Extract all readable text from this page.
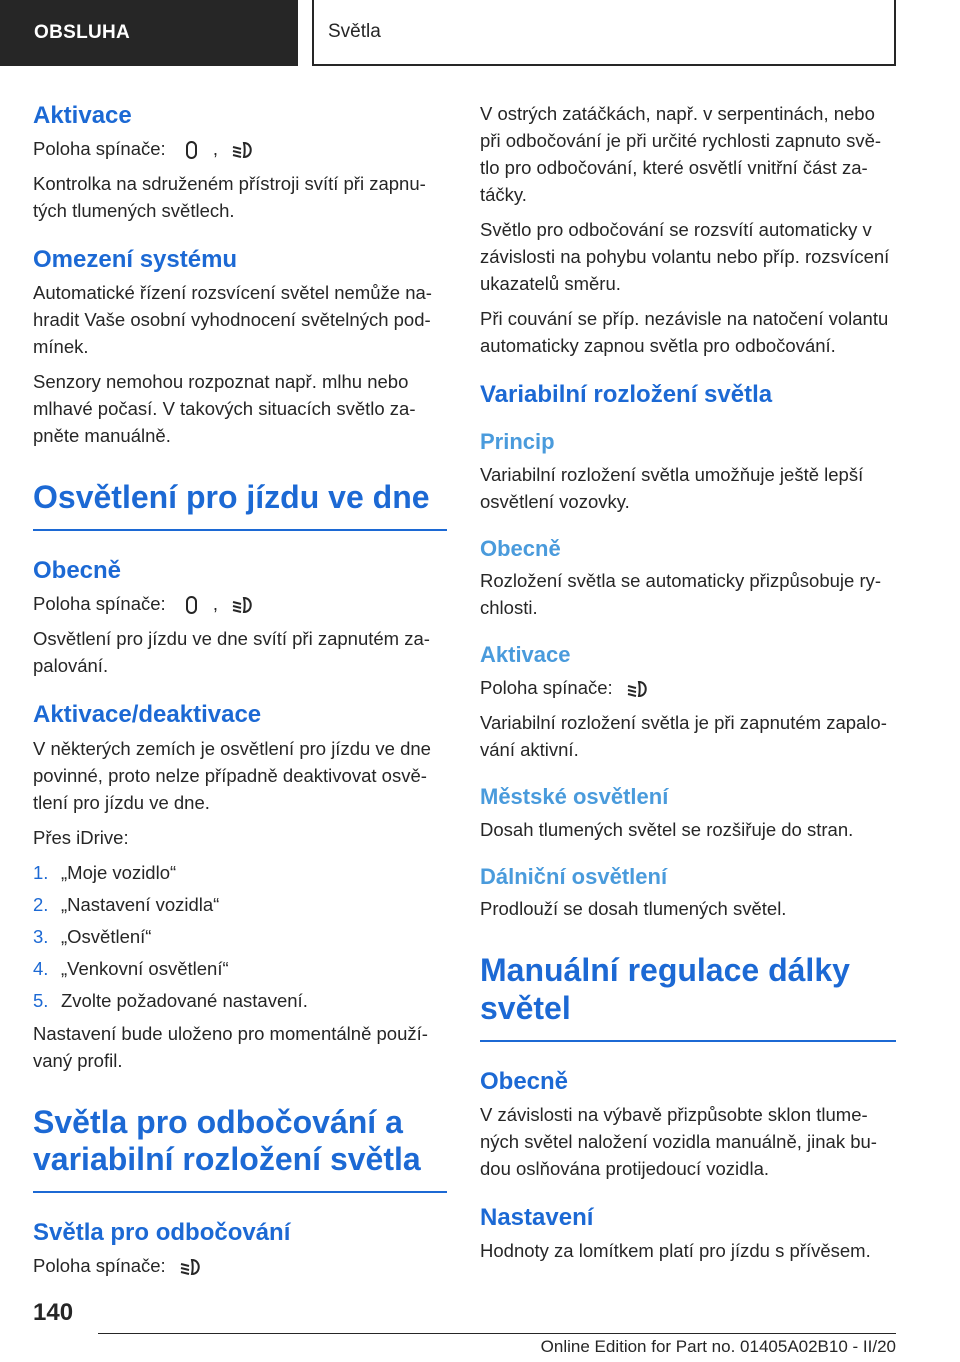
OBSLUHA	Světla
Aktivace

Poloha spínače:	,

Kontrolka na sdruženém přístroji svítí při zapnu-tých tlumených světlech.

Omezení systému

Automatické řízení rozsvícení světel nemůže na-hradit Vaše osobní vyhodnocení světelných pod-mínek.

Senzory nemohou rozpoznat např. mlhu nebo mlhavé počasí. V takových situacích světlo za-pněte manuálně.

Osvětlení pro jízdu ve dne
Obecně

Poloha spínače:	,

Osvětlení pro jízdu ve dne svítí při zapnutém za-palování.

Aktivace/deaktivace

V některých zemích je osvětlení pro jízdu ve dne povinné, proto nelze případně deaktivovat osvě-tlení pro jízdu ve dne.

Přes iDrive:

1. „Moje vozidlo“
2. „Nastavení vozidla“
3. „Osvětlení“
4. „Venkovní osvětlení“
5. Zvolte požadované nastavení.

Nastavení bude uloženo pro momentálně použí-vaný profil.

Světla pro odbočování a variabilní rozložení světla
Světla pro odbočování

Poloha spínače:

V ostrých zatáčkách, např. v serpentinách, nebo při odbočování je při určité rychlosti zapnuto svě-tlo pro odbočování, které osvětlí vnitřní část za-táčky.

Světlo pro odbočování se rozsvítí automaticky v závislosti na pohybu volantu nebo příp. rozsvícení ukazatelů směru.

Při couvání se příp. nezávisle na natočení volantu automaticky zapnou světla pro odbočování.

Variabilní rozložení světla
Princip

Variabilní rozložení světla umožňuje ještě lepší osvětlení vozovky.

Obecně

Rozložení světla se automaticky přizpůsobuje ry-chlosti.

Aktivace

Poloha spínače:

Variabilní rozložení světla je při zapnutém zapalo-vání aktivní.

Městské osvětlení

Dosah tlumených světel se rozšiřuje do stran.

Dálniční osvětlení

Prodlouží se dosah tlumených světel.

Manuální regulace dálky světel
Obecně

V závislosti na výbavě přizpůsobte sklon tlume-ných světel naložení vozidla manuálně, jinak bu-dou oslňována protijedoucí vozidla.

Nastavení

Hodnoty za lomítkem platí pro jízdu s přívěsem.

140
Online Edition for Part no. 01405A02B10 - II/20
